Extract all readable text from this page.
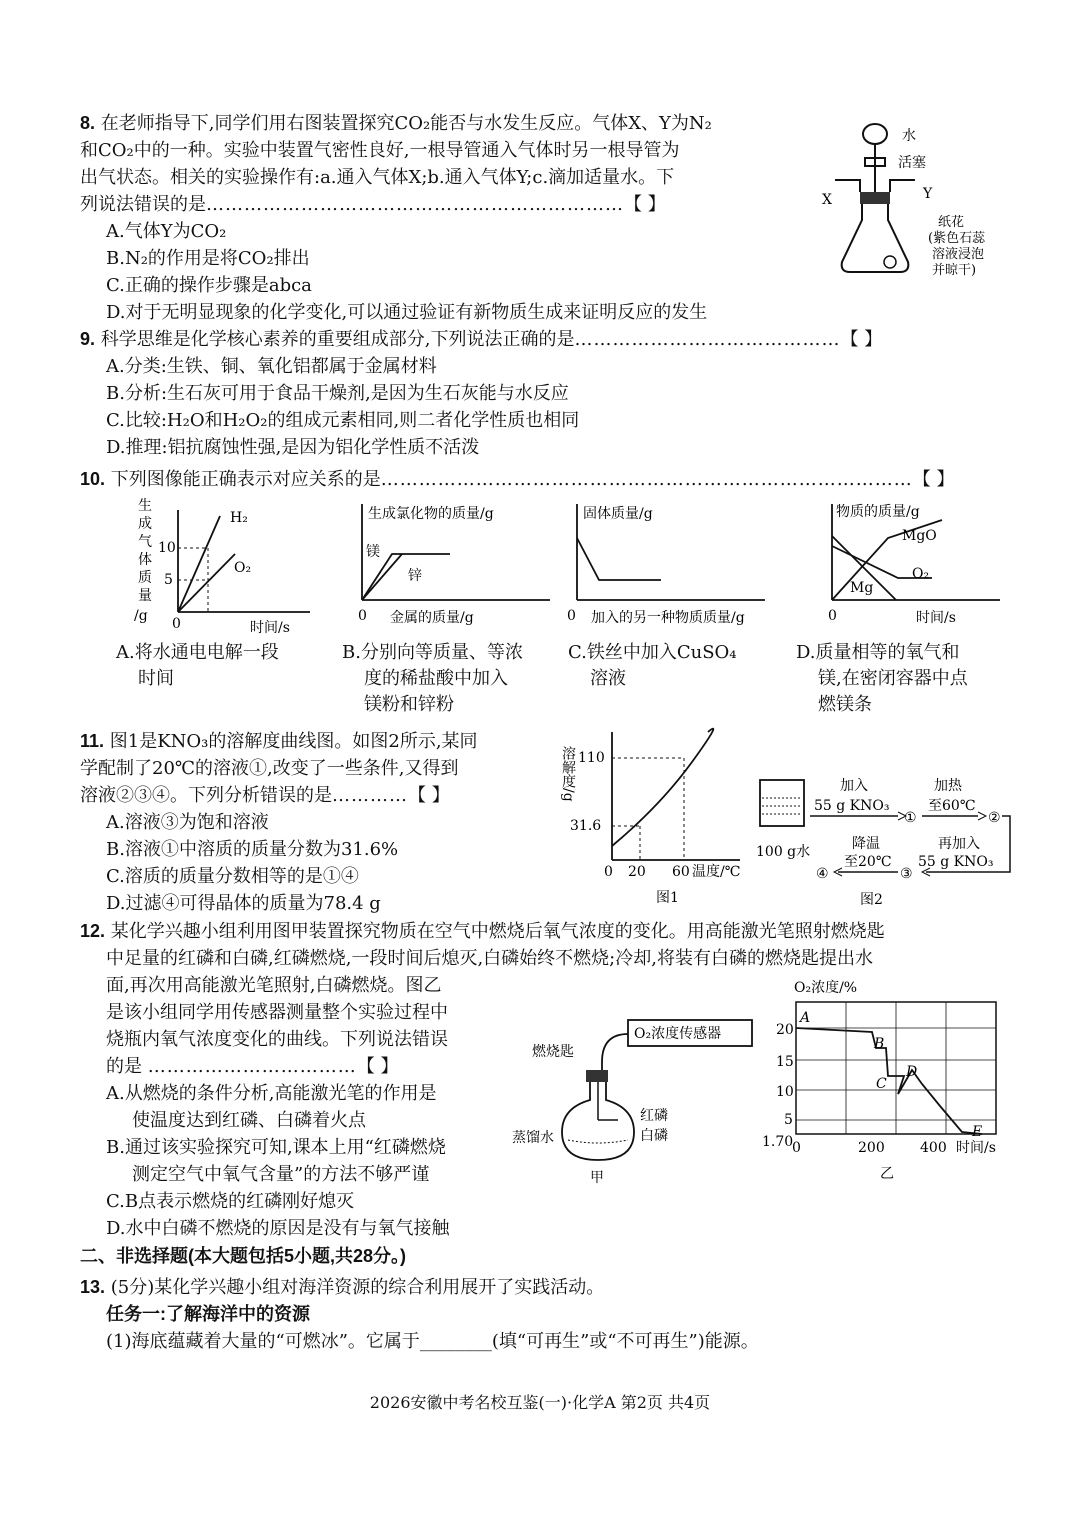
8. 在老师指导下,同学们用右图装置探究CO₂能否与水发生反应。气体X、Y为N₂
和CO₂中的一种。实验中装置气密性良好,一根导管通入气体时另一根导管为
出气状态。相关的实验操作有:a.通入气体X;b.通入气体Y;c.滴加适量水。下
列说法错误的是…………………………………………………………【 】
A.气体Y为CO₂
B.N₂的作用是将CO₂排出
C.正确的操作步骤是abca
D.对于无明显现象的化学变化,可以通过验证有新物质生成来证明反应的发生
水
活塞
X	Y
纸花
(紫色石蕊
溶液浸泡
并晾干)
9. 科学思维是化学核心素养的重要组成部分,下列说法正确的是……………………………………【 】
A.分类:生铁、铜、氧化铝都属于金属材料
B.分析:生石灰可用于食品干燥剂,是因为生石灰能与水反应
C.比较:H₂O和H₂O₂的组成元素相同,则二者化学性质也相同
D.推理:铝抗腐蚀性强,是因为铝化学性质不活泼
10. 下列图像能正确表示对应关系的是…………………………………………………………………………【 】
生
成
气
体
质
量
/g
10
5
0
H₂
O₂
时间/s
生成氯化物的质量/g
镁
锌
0 金属的质量/g
固体质量/g
0 加入的另一种物质质量/g
物质的质量/g
MgO
O₂
Mg
0	时间/s
A.将水通电电解一段
时间
B.分别向等质量、等浓
度的稀盐酸中加入
镁粉和锌粉
C.铁丝中加入CuSO₄
溶液
D.质量相等的氧气和
镁,在密闭容器中点
燃镁条
11. 图1是KNO₃的溶解度曲线图。如图2所示,某同
学配制了20℃的溶液①,改变了一些条件,又得到
溶液②③④。下列分析错误的是…………【 】
A.溶液③为饱和溶液
B.溶液①中溶质的质量分数为31.6%
C.溶质的质量分数相等的是①④
D.过滤④可得晶体的质量为78.4 g
溶解度/g 110
31.6
0 20 60 温度/℃
图1
加入
55 g KNO₃
加热
至60℃
①	②
100 g水	降温
至20℃
再加入
55 g KNO₃
④	③
图2
12. 某化学兴趣小组利用图甲装置探究物质在空气中燃烧后氧气浓度的变化。用高能激光笔照射燃烧匙
中足量的红磷和白磷,红磷燃烧,一段时间后熄灭,白磷始终不燃烧;冷却,将装有白磷的燃烧匙提出水
面,再次用高能激光笔照射,白磷燃烧。图乙
是该小组同学用传感器测量整个实验过程中
烧瓶内氧气浓度变化的曲线。下列说法错误
的是 ……………………………【 】
A.从燃烧的条件分析,高能激光笔的作用是
使温度达到红磷、白磷着火点
B.通过该实验探究可知,课本上用“红磷燃烧
测定空气中氧气含量”的方法不够严谨
C.B点表示燃烧的红磷刚好熄灭
D.水中白磷不燃烧的原因是没有与氧气接触
O₂浓度传感器
燃烧匙
红磷
白磷
蒸馏水
甲
O₂浓度/%
20
15
10
5
1.70
0	200	400 时间/s
A
B
C
D
E
乙
二、非选择题(本大题包括5小题,共28分。)
13. (5分)某化学兴趣小组对海洋资源的综合利用展开了实践活动。
任务一:了解海洋中的资源
(1)海底蕴藏着大量的“可燃冰”。它属于________(填“可再生”或“不可再生”)能源。
2026安徽中考名校互鉴(一)·化学A 第2页 共4页
